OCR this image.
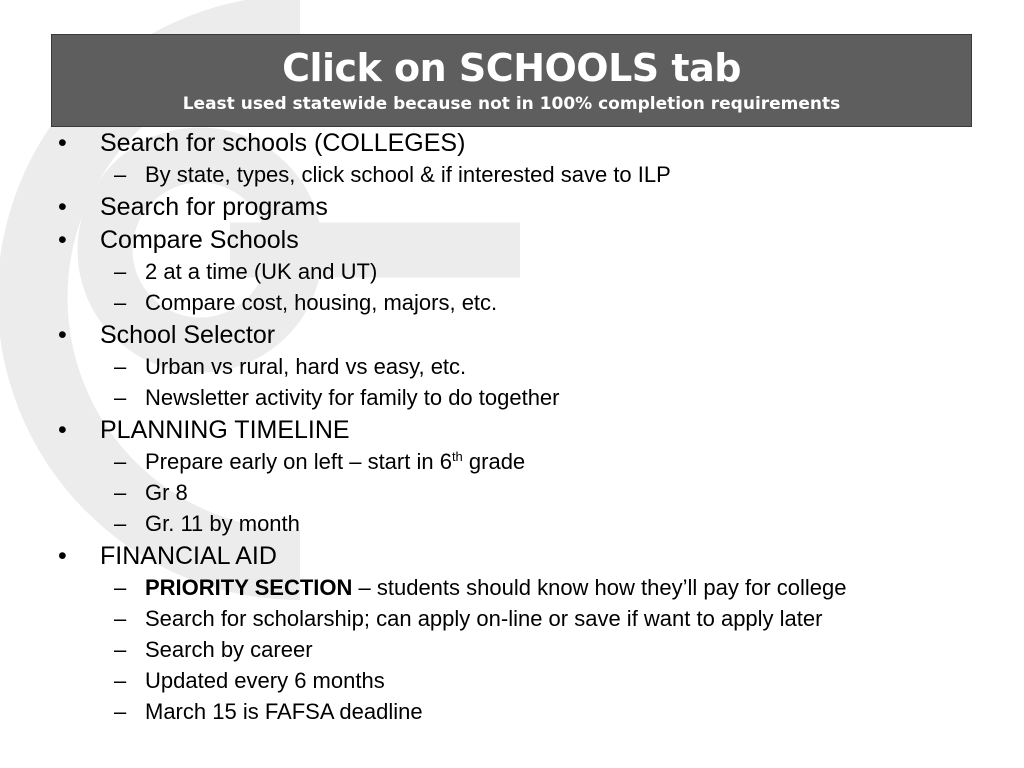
Click on SCHOOLS tab
Least used statewide because not in 100% completion requirements
• Search for schools (COLLEGES)
– By state, types, click school & if interested save to ILP
• Search for programs
• Compare Schools
– 2 at a time (UK and UT)
– Compare cost, housing, majors, etc.
• School Selector
– Urban vs rural, hard vs easy, etc.
– Newsletter activity for family to do together
• PLANNING TIMELINE
– Prepare early on left – start in 6th grade
– Gr 8
– Gr. 11 by month
• FINANCIAL AID
– PRIORITY SECTION – students should know how they’ll pay for college
– Search for scholarship; can apply on-line or save if want to apply later
– Search by career
– Updated every 6 months
– March 15 is FAFSA deadline
